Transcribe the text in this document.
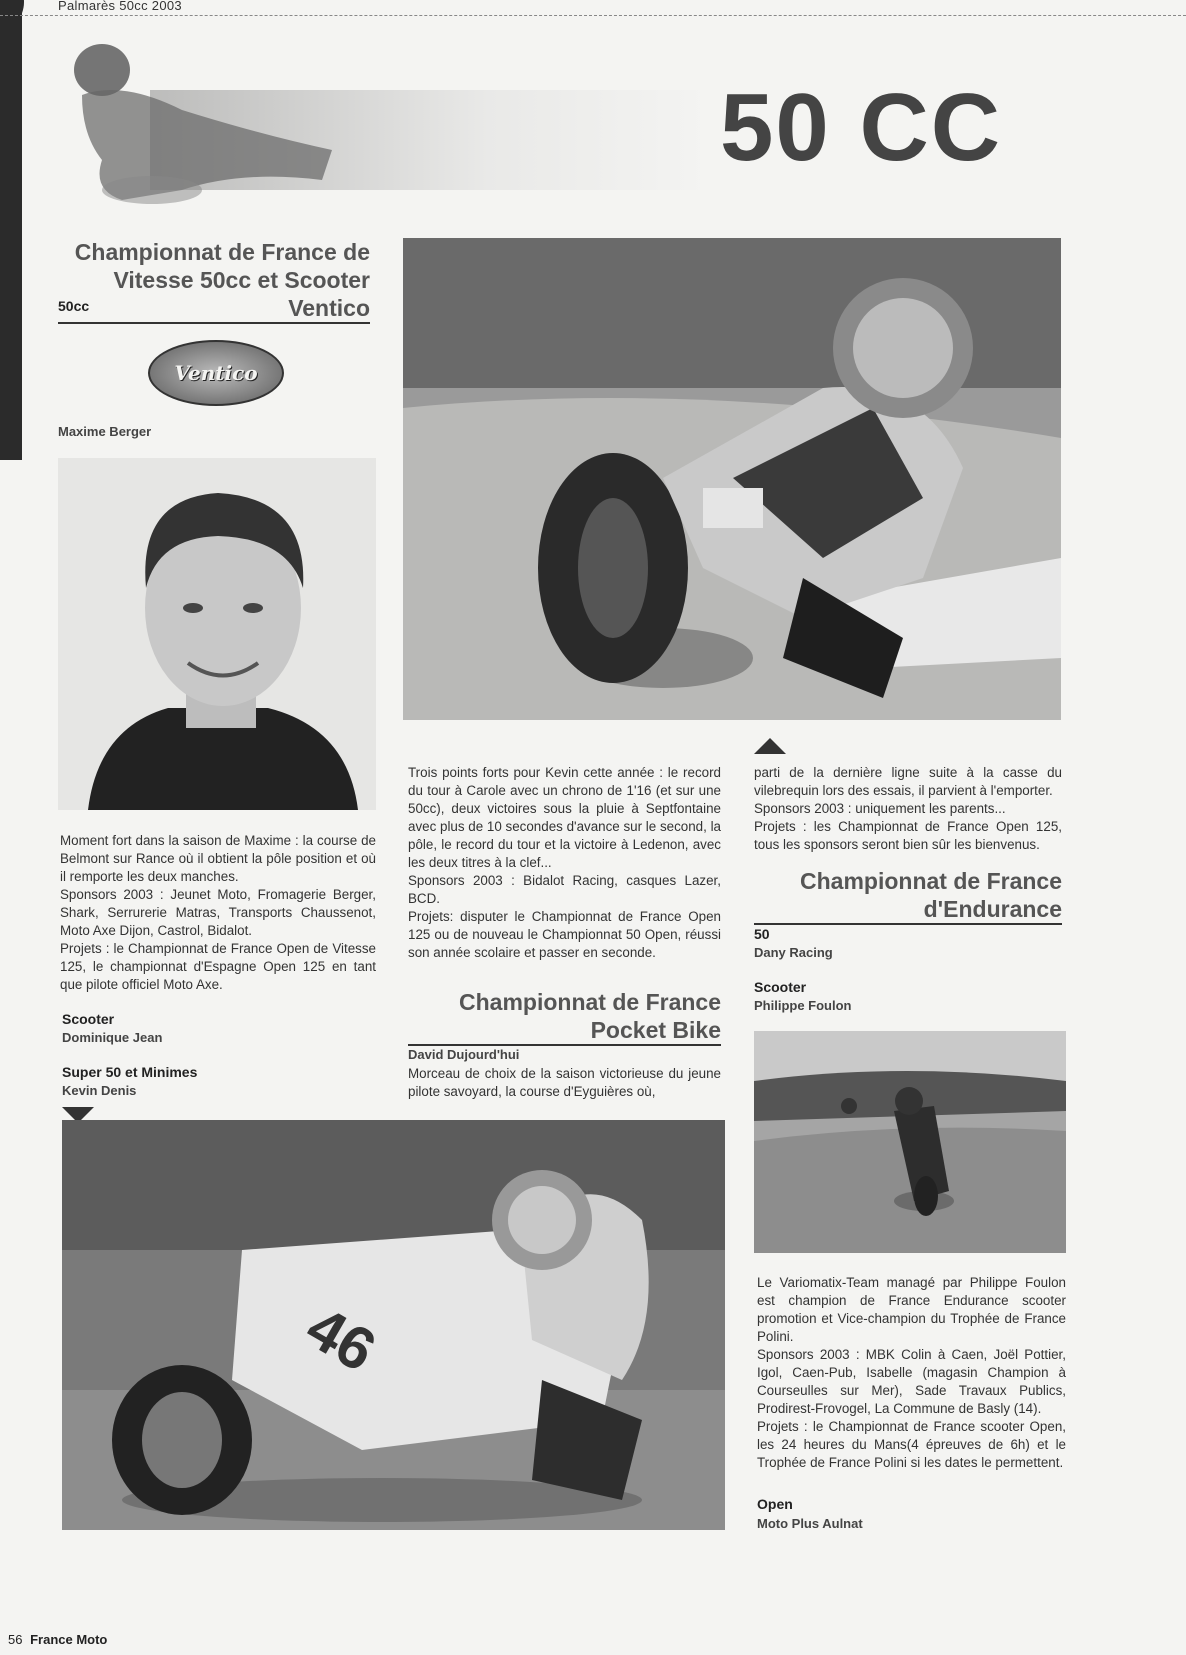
Palmarès 50cc 2003
50 CC
Championnat de France de
Vitesse 50cc et Scooter Ventico
50cc
Ventico
Maxime Berger
Moment fort dans la saison de Maxime : la course de Belmont sur Rance où il obtient la pôle position et où il remporte les deux manches.
Sponsors 2003 : Jeunet Moto, Fromagerie Berger, Shark, Serrurerie Matras, Transports Chaussenot, Moto Axe Dijon, Castrol, Bidalot.
Projets : le Championnat de France Open de Vitesse 125, le championnat d'Espagne Open 125 en tant que pilote officiel Moto Axe.
Scooter
Dominique Jean
Super 50 et Minimes
Kevin Denis
Trois points forts pour Kevin cette année : le record du tour à Carole avec un chrono de 1'16 (et sur une 50cc), deux victoires sous la pluie à Septfontaine avec plus de 10 secondes d'avance sur le second, la pôle, le record du tour et la victoire à Ledenon, avec les deux titres à la clef...
Sponsors 2003 : Bidalot Racing, casques Lazer, BCD.
Projets: disputer le Championnat de France Open 125 ou de nouveau le Championnat 50 Open, réussi son année scolaire et passer en seconde.
Championnat de France
Pocket Bike
David Dujourd'hui
Morceau de choix de la saison victorieuse du jeune pilote savoyard, la course d'Eyguières où,
parti de la dernière ligne suite à la casse du vilebrequin lors des essais, il parvient à l'emporter.
Sponsors 2003 : uniquement les parents...
Projets : les Championnat de France Open 125, tous les sponsors seront bien sûr les bienvenus.
Championnat de France
d'Endurance
50
Dany Racing
Scooter
Philippe Foulon
Le Variomatix-Team managé par Philippe Foulon est champion de France Endurance scooter promotion et Vice-champion du Trophée de France Polini.
Sponsors 2003 : MBK Colin à Caen, Joël Pottier, Igol, Caen-Pub, Isabelle (magasin Champion à Courseulles sur Mer), Sade Travaux Publics, Prodirest-Frovogel, La Commune de Basly (14).
Projets : le Championnat de France scooter Open, les 24 heures du Mans(4 épreuves de 6h) et le Trophée de France Polini si les dates le permettent.
Open
Moto Plus Aulnat
46
56 France Moto
